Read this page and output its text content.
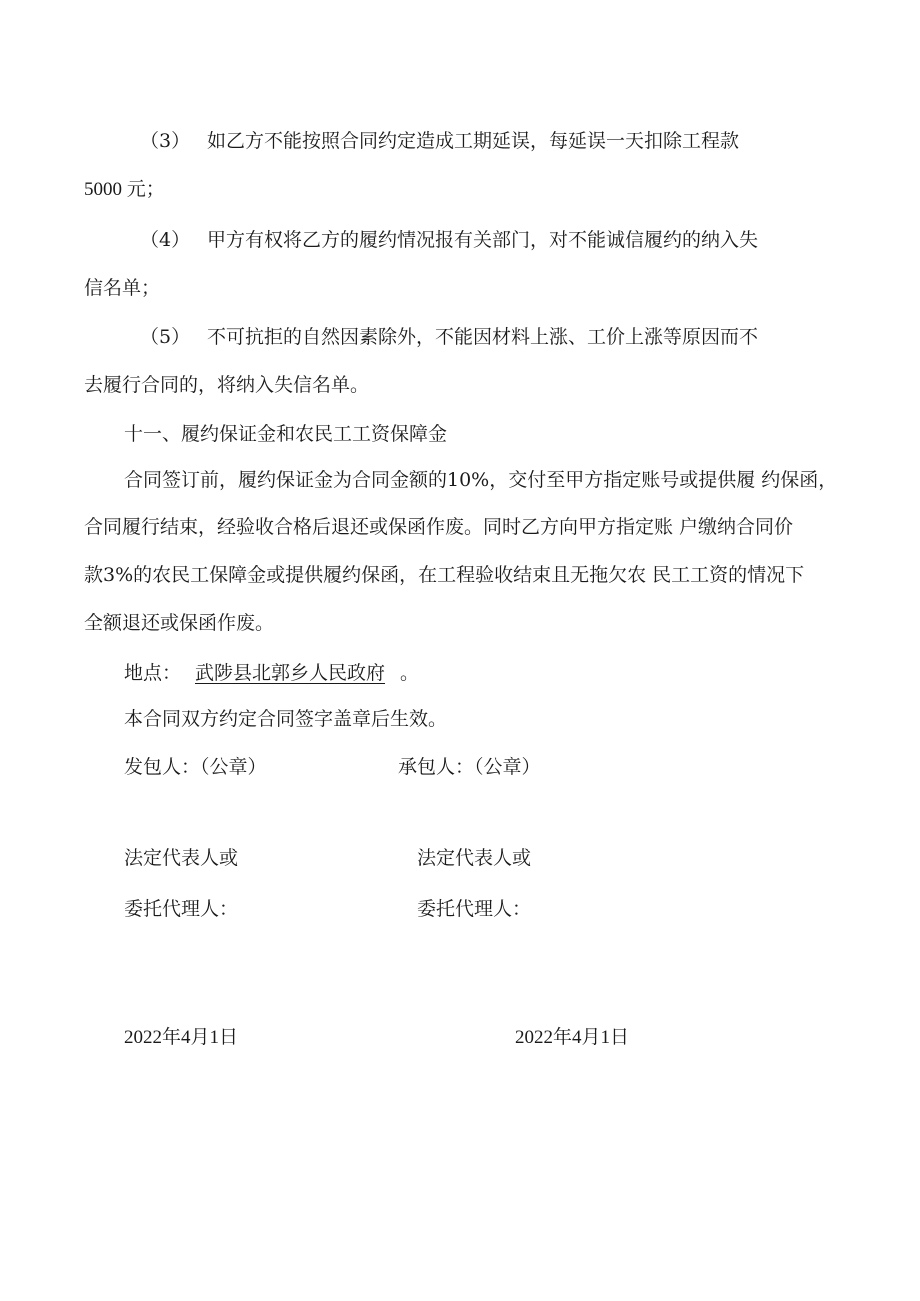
（3） 如乙方不能按照合同约定造成工期延误，每延误一天扣除工程款
5000 元；
（4） 甲方有权将乙方的履约情况报有关部门，对不能诚信履约的纳入失
信名单；
（5） 不可抗拒的自然因素除外，不能因材料上涨、工价上涨等原因而不
去履行合同的，将纳入失信名单。
十一、履约保证金和农民工工资保障金
合同签订前，履约保证金为合同金额的10%，交付至甲方指定账号或提供履 约保函，
合同履行结束，经验收合格后退还或保函作废。同时乙方向甲方指定账 户缴纳合同价
款3%的农民工保障金或提供履约保函，在工程验收结束且无拖欠农 民工工资的情况下
全额退还或保函作废。
地点： 武陟县北郭乡人民政府 。
本合同双方约定合同签字盖章后生效。
发包人：（公章）
法定代表人或
委托代理人：
2022年4月1日
承包人：（公章）
法定代表人或
委托代理人：
2022年4月1日
